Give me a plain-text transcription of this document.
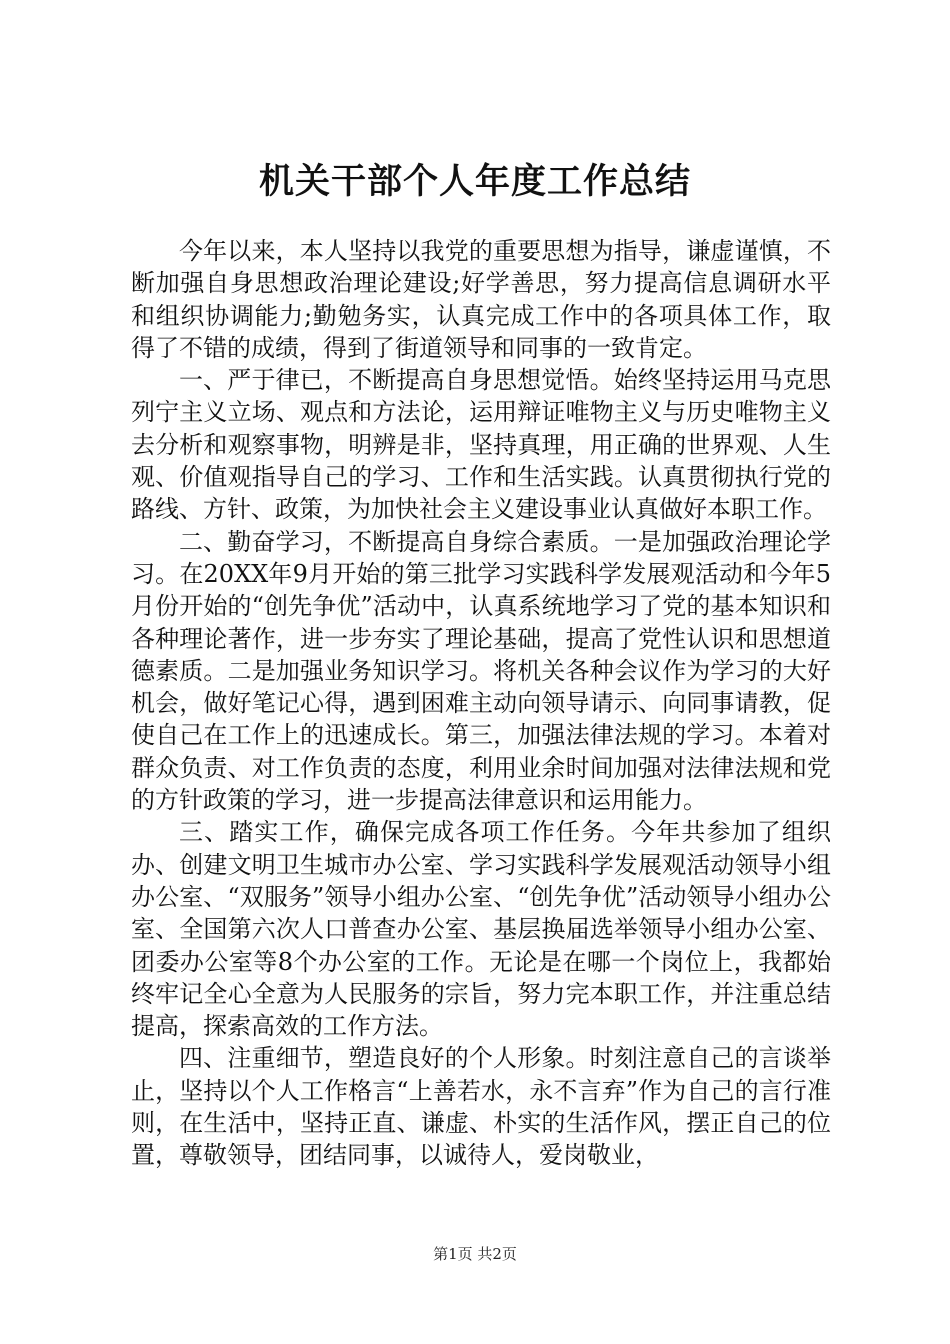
机关干部个人年度工作总结

今年以来，本人坚持以我党的重要思想为指导，谦虚谨慎，不断加强自身思想政治理论建设;好学善思，努力提高信息调研水平和组织协调能力;勤勉务实，认真完成工作中的各项具体工作，取得了不错的成绩，得到了街道领导和同事的一致肯定。

一、严于律已，不断提高自身思想觉悟。始终坚持运用马克思列宁主义立场、观点和方法论，运用辩证唯物主义与历史唯物主义去分析和观察事物，明辨是非，坚持真理，用正确的世界观、人生观、价值观指导自己的学习、工作和生活实践。认真贯彻执行党的路线、方针、政策，为加快社会主义建设事业认真做好本职工作。

二、勤奋学习，不断提高自身综合素质。一是加强政治理论学习。在20XX年9月开始的第三批学习实践科学发展观活动和今年5月份开始的“创先争优”活动中，认真系统地学习了党的基本知识和各种理论著作，进一步夯实了理论基础，提高了党性认识和思想道德素质。二是加强业务知识学习。将机关各种会议作为学习的大好机会，做好笔记心得，遇到困难主动向领导请示、向同事请教，促使自己在工作上的迅速成长。第三，加强法律法规的学习。本着对群众负责、对工作负责的态度，利用业余时间加强对法律法规和党的方针政策的学习，进一步提高法律意识和运用能力。

三、踏实工作，确保完成各项工作任务。今年共参加了组织办、创建文明卫生城市办公室、学习实践科学发展观活动领导小组办公室、“双服务”领导小组办公室、“创先争优”活动领导小组办公室、全国第六次人口普查办公室、基层换届选举领导小组办公室、团委办公室等8个办公室的工作。无论是在哪一个岗位上，我都始终牢记全心全意为人民服务的宗旨，努力完本职工作，并注重总结提高，探索高效的工作方法。

四、注重细节，塑造良好的个人形象。时刻注意自己的言谈举止，坚持以个人工作格言“上善若水，永不言弃”作为自己的言行准则，在生活中，坚持正直、谦虚、朴实的生活作风，摆正自己的位置，尊敬领导，团结同事，以诚待人，爱岗敬业，

第1页 共2页
